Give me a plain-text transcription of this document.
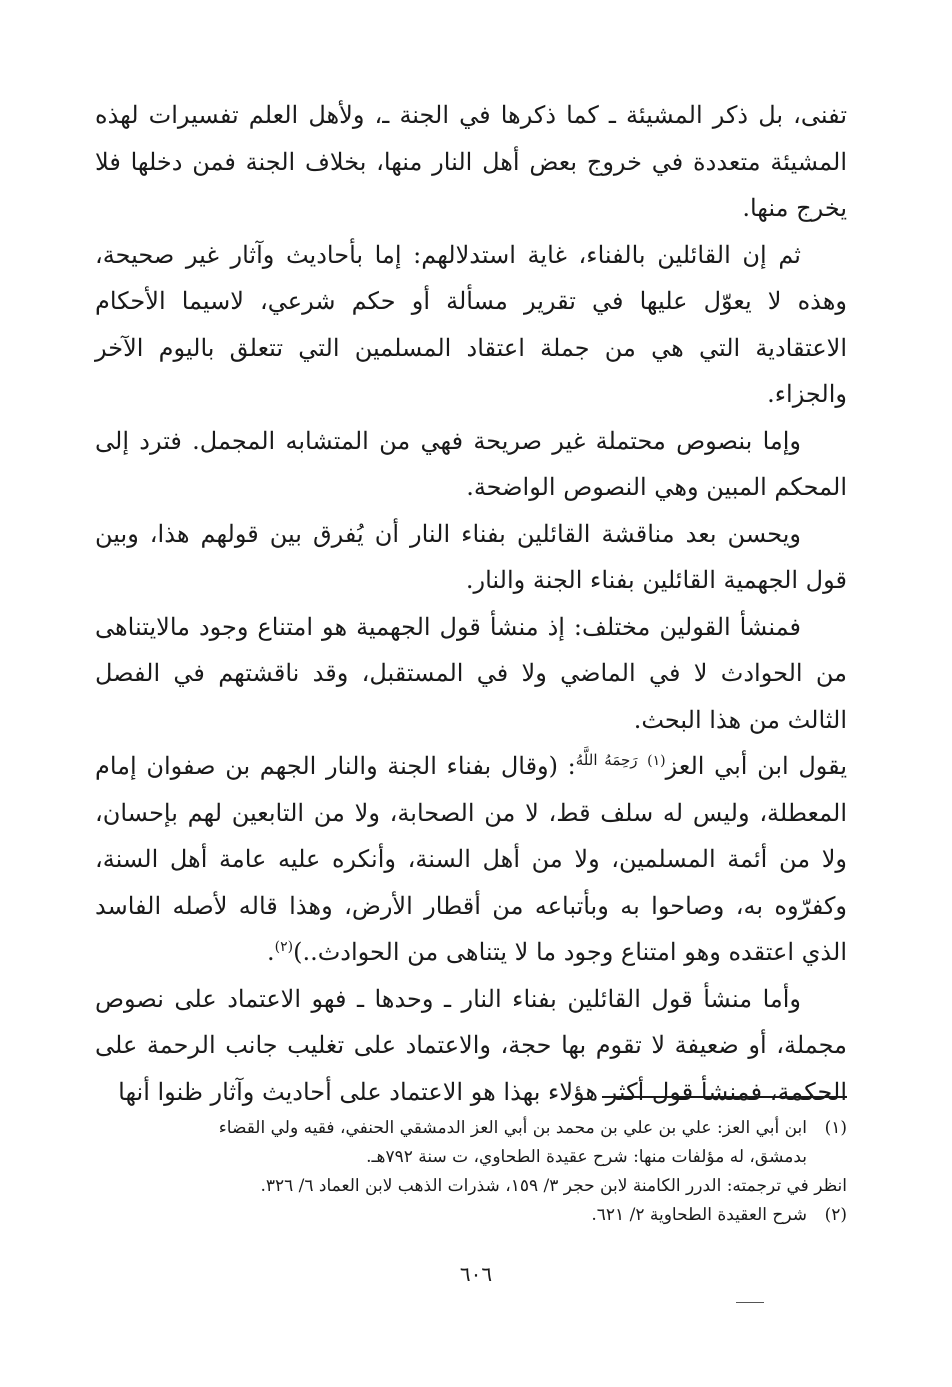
تفنى، بل ذكر المشيئة ـ كما ذكرها في الجنة ـ، ولأهل العلم تفسيرات لهذه المشيئة متعددة في خروج بعض أهل النار منها، بخلاف الجنة فمن دخلها فلا يخرج منها.

ثم إن القائلين بالفناء، غاية استدلالهم: إما بأحاديث وآثار غير صحيحة، وهذه لا يعوّل عليها في تقرير مسألة أو حكم شرعي، لاسيما الأحكام الاعتقادية التي هي من جملة اعتقاد المسلمين التي تتعلق باليوم الآخر والجزاء.

وإما بنصوص محتملة غير صريحة فهي من المتشابه المجمل. فترد إلى المحكم المبين وهي النصوص الواضحة.

ويحسن بعد مناقشة القائلين بفناء النار أن يُفرق بين قولهم هذا، وبين قول الجهمية القائلين بفناء الجنة والنار.

فمنشأ القولين مختلف: إذ منشأ قول الجهمية هو امتناع وجود مالايتناهى من الحوادث لا في الماضي ولا في المستقبل، وقد ناقشتهم في الفصل الثالث من هذا البحث.

يقول ابن أبي العز$^{(١)}$ $^{رَحِمَهُ اللَّهُ}$: (وقال بفناء الجنة والنار الجهم بن صفوان إمام المعطلة، وليس له سلف قط، لا من الصحابة، ولا من التابعين لهم بإحسان، ولا من أئمة المسلمين، ولا من أهل السنة، وأنكره عليه عامة أهل السنة، وكفرّوه به، وصاحوا به وبأتباعه من أقطار الأرض، وهذا قاله لأصله الفاسد الذي اعتقده وهو امتناع وجود ما لا يتناهى من الحوادث..)$^{(٢)}$.

وأما منشأ قول القائلين بفناء النار ـ وحدها ـ فهو الاعتماد على نصوص مجملة، أو ضعيفة لا تقوم بها حجة، والاعتماد على تغليب جانب الرحمة على الحكمة، فمنشأ قول أكثر هؤلاء بهذا هو الاعتماد على أحاديث وآثار ظنوا أنها

(١)ابن أبي العز: علي بن علي بن محمد بن أبي العز الدمشقي الحنفي، فقيه ولي القضاء

بدمشق، له مؤلفات منها: شرح عقيدة الطحاوي، ت سنة ٧٩٢هـ.

انظر في ترجمته: الدرر الكامنة لابن حجر ٣/ ١٥٩، شذرات الذهب لابن العماد ٦/ ٣٢٦.

(٢)شرح العقيدة الطحاوية ٢/ ٦٢١.

٦٠٦
